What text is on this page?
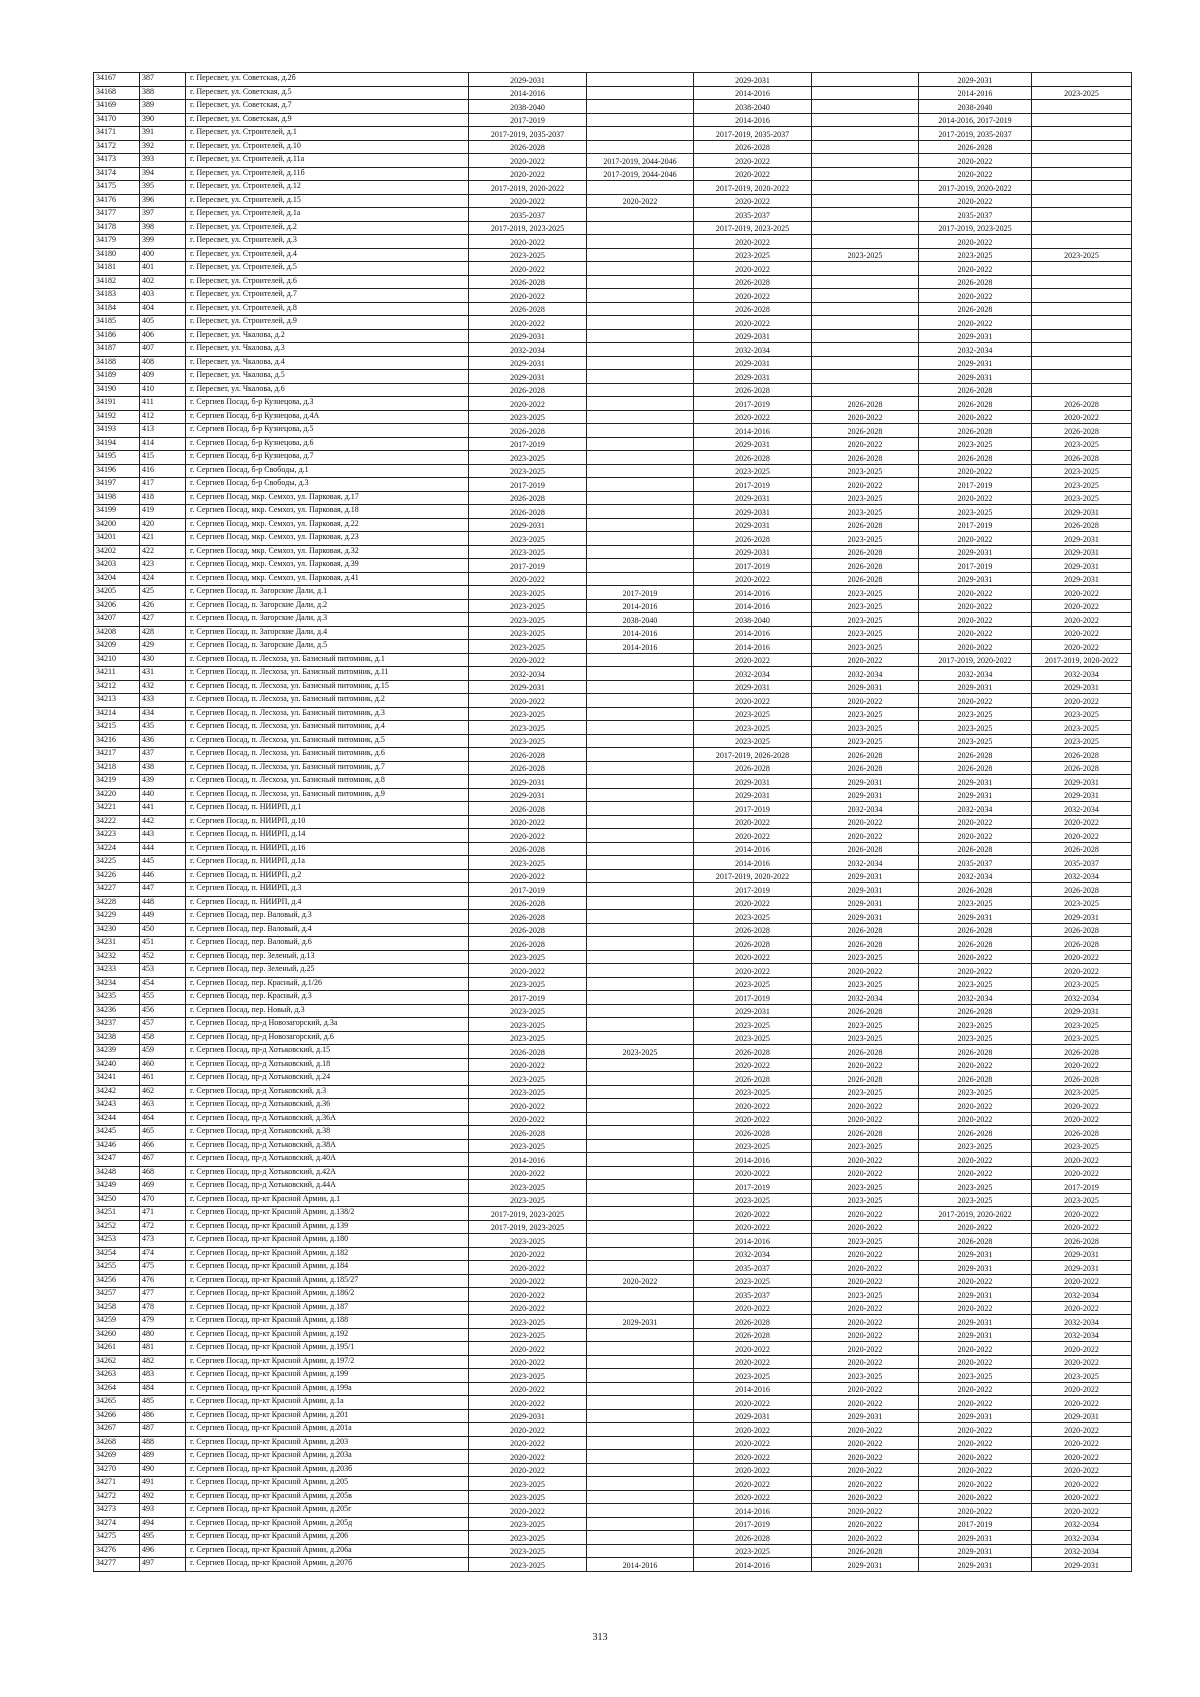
34167	387	г. Пересвет, ул. Советская, д.2б	2029-2031		2029-2031		2029-2031	
34168	388	г. Пересвет, ул. Советская, д.5	2014-2016		2014-2016		2014-2016	2023-2025
34169	389	г. Пересвет, ул. Советская, д.7	2038-2040		2038-2040		2038-2040	
34170	390	г. Пересвет, ул. Советская, д.9	2017-2019		2014-2016		2014-2016, 2017-2019	
34171	391	г. Пересвет, ул. Строителей, д.1	2017-2019, 2035-2037		2017-2019, 2035-2037		2017-2019, 2035-2037	
34172	392	г. Пересвет, ул. Строителей, д.10	2026-2028		2026-2028		2026-2028	
34173	393	г. Пересвет, ул. Строителей, д.11а	2020-2022	2017-2019, 2044-2046	2020-2022		2020-2022	
34174	394	г. Пересвет, ул. Строителей, д.11б	2020-2022	2017-2019, 2044-2046	2020-2022		2020-2022	
34175	395	г. Пересвет, ул. Строителей, д.12	2017-2019, 2020-2022		2017-2019, 2020-2022		2017-2019, 2020-2022	
34176	396	г. Пересвет, ул. Строителей, д.15	2020-2022	2020-2022	2020-2022		2020-2022	
34177	397	г. Пересвет, ул. Строителей, д.1а	2035-2037		2035-2037		2035-2037	
34178	398	г. Пересвет, ул. Строителей, д.2	2017-2019, 2023-2025		2017-2019, 2023-2025		2017-2019, 2023-2025	
34179	399	г. Пересвет, ул. Строителей, д.3	2020-2022		2020-2022		2020-2022	
34180	400	г. Пересвет, ул. Строителей, д.4	2023-2025		2023-2025	2023-2025	2023-2025	2023-2025
34181	401	г. Пересвет, ул. Строителей, д.5	2020-2022		2020-2022		2020-2022	
34182	402	г. Пересвет, ул. Строителей, д.6	2026-2028		2026-2028		2026-2028	
34183	403	г. Пересвет, ул. Строителей, д.7	2020-2022		2020-2022		2020-2022	
34184	404	г. Пересвет, ул. Строителей, д.8	2026-2028		2026-2028		2026-2028	
34185	405	г. Пересвет, ул. Строителей, д.9	2020-2022		2020-2022		2020-2022	
34186	406	г. Пересвет, ул. Чкалова, д.2	2029-2031		2029-2031		2029-2031	
34187	407	г. Пересвет, ул. Чкалова, д.3	2032-2034		2032-2034		2032-2034	
34188	408	г. Пересвет, ул. Чкалова, д.4	2029-2031		2029-2031		2029-2031	
34189	409	г. Пересвет, ул. Чкалова, д.5	2029-2031		2029-2031		2029-2031	
34190	410	г. Пересвет, ул. Чкалова, д.6	2026-2028		2026-2028		2026-2028	
34191	411	г. Сергиев Посад, б-р Кузнецова, д.3	2020-2022		2017-2019	2026-2028	2026-2028	2026-2028
34192	412	г. Сергиев Посад, б-р Кузнецова, д.4А	2023-2025		2020-2022	2020-2022	2020-2022	2020-2022
34193	413	г. Сергиев Посад, б-р Кузнецова, д.5	2026-2028		2014-2016	2026-2028	2026-2028	2026-2028
34194	414	г. Сергиев Посад, б-р Кузнецова, д.6	2017-2019		2029-2031	2020-2022	2023-2025	2023-2025
34195	415	г. Сергиев Посад, б-р Кузнецова, д.7	2023-2025		2026-2028	2026-2028	2026-2028	2026-2028
34196	416	г. Сергиев Посад, б-р Свободы, д.1	2023-2025		2023-2025	2023-2025	2020-2022	2023-2025
34197	417	г. Сергиев Посад, б-р Свободы, д.3	2017-2019		2017-2019	2020-2022	2017-2019	2023-2025
34198	418	г. Сергиев Посад, мкр. Семхоз, ул. Парковая, д.17	2026-2028		2029-2031	2023-2025	2020-2022	2023-2025
34199	419	г. Сергиев Посад, мкр. Семхоз, ул. Парковая, д.18	2026-2028		2029-2031	2023-2025	2023-2025	2029-2031
34200	420	г. Сергиев Посад, мкр. Семхоз, ул. Парковая, д.22	2029-2031		2029-2031	2026-2028	2017-2019	2026-2028
34201	421	г. Сергиев Посад, мкр. Семхоз, ул. Парковая, д.23	2023-2025		2026-2028	2023-2025	2020-2022	2029-2031
34202	422	г. Сергиев Посад, мкр. Семхоз, ул. Парковая, д.32	2023-2025		2029-2031	2026-2028	2029-2031	2029-2031
34203	423	г. Сергиев Посад, мкр. Семхоз, ул. Парковая, д.39	2017-2019		2017-2019	2026-2028	2017-2019	2029-2031
34204	424	г. Сергиев Посад, мкр. Семхоз, ул. Парковая, д.41	2020-2022		2020-2022	2026-2028	2029-2031	2029-2031
34205	425	г. Сергиев Посад, п. Загорские Дали, д.1	2023-2025	2017-2019	2014-2016	2023-2025	2020-2022	2020-2022
34206	426	г. Сергиев Посад, п. Загорские Дали, д.2	2023-2025	2014-2016	2014-2016	2023-2025	2020-2022	2020-2022
34207	427	г. Сергиев Посад, п. Загорские Дали, д.3	2023-2025	2038-2040	2038-2040	2023-2025	2020-2022	2020-2022
34208	428	г. Сергиев Посад, п. Загорские Дали, д.4	2023-2025	2014-2016	2014-2016	2023-2025	2020-2022	2020-2022
34209	429	г. Сергиев Посад, п. Загорские Дали, д.5	2023-2025	2014-2016	2014-2016	2023-2025	2020-2022	2020-2022
34210	430	г. Сергиев Посад, п. Лесхоза, ул. Базисный питомник, д.1	2020-2022		2020-2022	2020-2022	2017-2019, 2020-2022	2017-2019, 2020-2022
34211	431	г. Сергиев Посад, п. Лесхоза, ул. Базисный питомник, д.11	2032-2034		2032-2034	2032-2034	2032-2034	2032-2034
34212	432	г. Сергиев Посад, п. Лесхоза, ул. Базисный питомник, д.15	2029-2031		2029-2031	2029-2031	2029-2031	2029-2031
34213	433	г. Сергиев Посад, п. Лесхоза, ул. Базисный питомник, д.2	2020-2022		2020-2022	2020-2022	2020-2022	2020-2022
34214	434	г. Сергиев Посад, п. Лесхоза, ул. Базисный питомник, д.3	2023-2025		2023-2025	2023-2025	2023-2025	2023-2025
34215	435	г. Сергиев Посад, п. Лесхоза, ул. Базисный питомник, д.4	2023-2025		2023-2025	2023-2025	2023-2025	2023-2025
34216	436	г. Сергиев Посад, п. Лесхоза, ул. Базисный питомник, д.5	2023-2025		2023-2025	2023-2025	2023-2025	2023-2025
34217	437	г. Сергиев Посад, п. Лесхоза, ул. Базисный питомник, д.6	2026-2028		2017-2019, 2026-2028	2026-2028	2026-2028	2026-2028
34218	438	г. Сергиев Посад, п. Лесхоза, ул. Базисный питомник, д.7	2026-2028		2026-2028	2026-2028	2026-2028	2026-2028
34219	439	г. Сергиев Посад, п. Лесхоза, ул. Базисный питомник, д.8	2029-2031		2029-2031	2029-2031	2029-2031	2029-2031
34220	440	г. Сергиев Посад, п. Лесхоза, ул. Базисный питомник, д.9	2029-2031		2029-2031	2029-2031	2029-2031	2029-2031
34221	441	г. Сергиев Посад, п. НИИРП, д.1	2026-2028		2017-2019	2032-2034	2032-2034	2032-2034
34222	442	г. Сергиев Посад, п. НИИРП, д.10	2020-2022		2020-2022	2020-2022	2020-2022	2020-2022
34223	443	г. Сергиев Посад, п. НИИРП, д.14	2020-2022		2020-2022	2020-2022	2020-2022	2020-2022
34224	444	г. Сергиев Посад, п. НИИРП, д.16	2026-2028		2014-2016	2026-2028	2026-2028	2026-2028
34225	445	г. Сергиев Посад, п. НИИРП, д.1а	2023-2025		2014-2016	2032-2034	2035-2037	2035-2037
34226	446	г. Сергиев Посад, п. НИИРП, д.2	2020-2022		2017-2019, 2020-2022	2029-2031	2032-2034	2032-2034
34227	447	г. Сергиев Посад, п. НИИРП, д.3	2017-2019		2017-2019	2029-2031	2026-2028	2026-2028
34228	448	г. Сергиев Посад, п. НИИРП, д.4	2026-2028		2020-2022	2029-2031	2023-2025	2023-2025
34229	449	г. Сергиев Посад, пер. Валовый, д.3	2026-2028		2023-2025	2029-2031	2029-2031	2029-2031
34230	450	г. Сергиев Посад, пер. Валовый, д.4	2026-2028		2026-2028	2026-2028	2026-2028	2026-2028
34231	451	г. Сергиев Посад, пер. Валовый, д.6	2026-2028		2026-2028	2026-2028	2026-2028	2026-2028
34232	452	г. Сергиев Посад, пер. Зеленый, д.13	2023-2025		2020-2022	2023-2025	2020-2022	2020-2022
34233	453	г. Сергиев Посад, пер. Зеленый, д.25	2020-2022		2020-2022	2020-2022	2020-2022	2020-2022
34234	454	г. Сергиев Посад, пер. Красный, д.1/26	2023-2025		2023-2025	2023-2025	2023-2025	2023-2025
34235	455	г. Сергиев Посад, пер. Красный, д.3	2017-2019		2017-2019	2032-2034	2032-2034	2032-2034
34236	456	г. Сергиев Посад, пер. Новый, д.3	2023-2025		2029-2031	2026-2028	2026-2028	2029-2031
34237	457	г. Сергиев Посад, пр-д Новозагорский, д.3а	2023-2025		2023-2025	2023-2025	2023-2025	2023-2025
34238	458	г. Сергиев Посад, пр-д Новозагорский, д.6	2023-2025		2023-2025	2023-2025	2023-2025	2023-2025
34239	459	г. Сергиев Посад, пр-д Хотьковский, д.15	2026-2028	2023-2025	2026-2028	2026-2028	2026-2028	2026-2028
34240	460	г. Сергиев Посад, пр-д Хотьковский, д.18	2020-2022		2020-2022	2020-2022	2020-2022	2020-2022
34241	461	г. Сергиев Посад, пр-д Хотьковский, д.24	2023-2025		2026-2028	2026-2028	2026-2028	2026-2028
34242	462	г. Сергиев Посад, пр-д Хотьковский, д.3	2023-2025		2023-2025	2023-2025	2023-2025	2023-2025
34243	463	г. Сергиев Посад, пр-д Хотьковский, д.36	2020-2022		2020-2022	2020-2022	2020-2022	2020-2022
34244	464	г. Сергиев Посад, пр-д Хотьковский, д.36А	2020-2022		2020-2022	2020-2022	2020-2022	2020-2022
34245	465	г. Сергиев Посад, пр-д Хотьковский, д.38	2026-2028		2026-2028	2026-2028	2026-2028	2026-2028
34246	466	г. Сергиев Посад, пр-д Хотьковский, д.38А	2023-2025		2023-2025	2023-2025	2023-2025	2023-2025
34247	467	г. Сергиев Посад, пр-д Хотьковский, д.40А	2014-2016		2014-2016	2020-2022	2020-2022	2020-2022
34248	468	г. Сергиев Посад, пр-д Хотьковский, д.42А	2020-2022		2020-2022	2020-2022	2020-2022	2020-2022
34249	469	г. Сергиев Посад, пр-д Хотьковский, д.44А	2023-2025		2017-2019	2023-2025	2023-2025	2017-2019
34250	470	г. Сергиев Посад, пр-кт Красной Армии, д.1	2023-2025		2023-2025	2023-2025	2023-2025	2023-2025
34251	471	г. Сергиев Посад, пр-кт Красной Армии, д.138/2	2017-2019, 2023-2025		2020-2022	2020-2022	2017-2019, 2020-2022	2020-2022
34252	472	г. Сергиев Посад, пр-кт Красной Армии, д.139	2017-2019, 2023-2025		2020-2022	2020-2022	2020-2022	2020-2022
34253	473	г. Сергиев Посад, пр-кт Красной Армии, д.180	2023-2025		2014-2016	2023-2025	2026-2028	2026-2028
34254	474	г. Сергиев Посад, пр-кт Красной Армии, д.182	2020-2022		2032-2034	2020-2022	2029-2031	2029-2031
34255	475	г. Сергиев Посад, пр-кт Красной Армии, д.184	2020-2022		2035-2037	2020-2022	2029-2031	2029-2031
34256	476	г. Сергиев Посад, пр-кт Красной Армии, д.185/27	2020-2022	2020-2022	2023-2025	2020-2022	2020-2022	2020-2022
34257	477	г. Сергиев Посад, пр-кт Красной Армии, д.186/2	2020-2022		2035-2037	2023-2025	2029-2031	2032-2034
34258	478	г. Сергиев Посад, пр-кт Красной Армии, д.187	2020-2022		2020-2022	2020-2022	2020-2022	2020-2022
34259	479	г. Сергиев Посад, пр-кт Красной Армии, д.188	2023-2025	2029-2031	2026-2028	2020-2022	2029-2031	2032-2034
34260	480	г. Сергиев Посад, пр-кт Красной Армии, д.192	2023-2025		2026-2028	2020-2022	2029-2031	2032-2034
34261	481	г. Сергиев Посад, пр-кт Красной Армии, д.195/1	2020-2022		2020-2022	2020-2022	2020-2022	2020-2022
34262	482	г. Сергиев Посад, пр-кт Красной Армии, д.197/2	2020-2022		2020-2022	2020-2022	2020-2022	2020-2022
34263	483	г. Сергиев Посад, пр-кт Красной Армии, д.199	2023-2025		2023-2025	2023-2025	2023-2025	2023-2025
34264	484	г. Сергиев Посад, пр-кт Красной Армии, д.199а	2020-2022		2014-2016	2020-2022	2020-2022	2020-2022
34265	485	г. Сергиев Посад, пр-кт Красной Армии, д.1а	2020-2022		2020-2022	2020-2022	2020-2022	2020-2022
34266	486	г. Сергиев Посад, пр-кт Красной Армии, д.201	2029-2031		2029-2031	2029-2031	2029-2031	2029-2031
34267	487	г. Сергиев Посад, пр-кт Красной Армии, д.201а	2020-2022		2020-2022	2020-2022	2020-2022	2020-2022
34268	488	г. Сергиев Посад, пр-кт Красной Армии, д.203	2020-2022		2020-2022	2020-2022	2020-2022	2020-2022
34269	489	г. Сергиев Посад, пр-кт Красной Армии, д.203а	2020-2022		2020-2022	2020-2022	2020-2022	2020-2022
34270	490	г. Сергиев Посад, пр-кт Красной Армии, д.203б	2020-2022		2020-2022	2020-2022	2020-2022	2020-2022
34271	491	г. Сергиев Посад, пр-кт Красной Армии, д.205	2023-2025		2020-2022	2020-2022	2020-2022	2020-2022
34272	492	г. Сергиев Посад, пр-кт Красной Армии, д.205в	2023-2025		2020-2022	2020-2022	2020-2022	2020-2022
34273	493	г. Сергиев Посад, пр-кт Красной Армии, д.205г	2020-2022		2014-2016	2020-2022	2020-2022	2020-2022
34274	494	г. Сергиев Посад, пр-кт Красной Армии, д.205д	2023-2025		2017-2019	2020-2022	2017-2019	2032-2034
34275	495	г. Сергиев Посад, пр-кт Красной Армии, д.206	2023-2025		2026-2028	2020-2022	2029-2031	2032-2034
34276	496	г. Сергиев Посад, пр-кт Красной Армии, д.206а	2023-2025		2023-2025	2026-2028	2029-2031	2032-2034
34277	497	г. Сергиев Посад, пр-кт Красной Армии, д.207б	2023-2025	2014-2016	2014-2016	2029-2031	2029-2031	2029-2031
313
